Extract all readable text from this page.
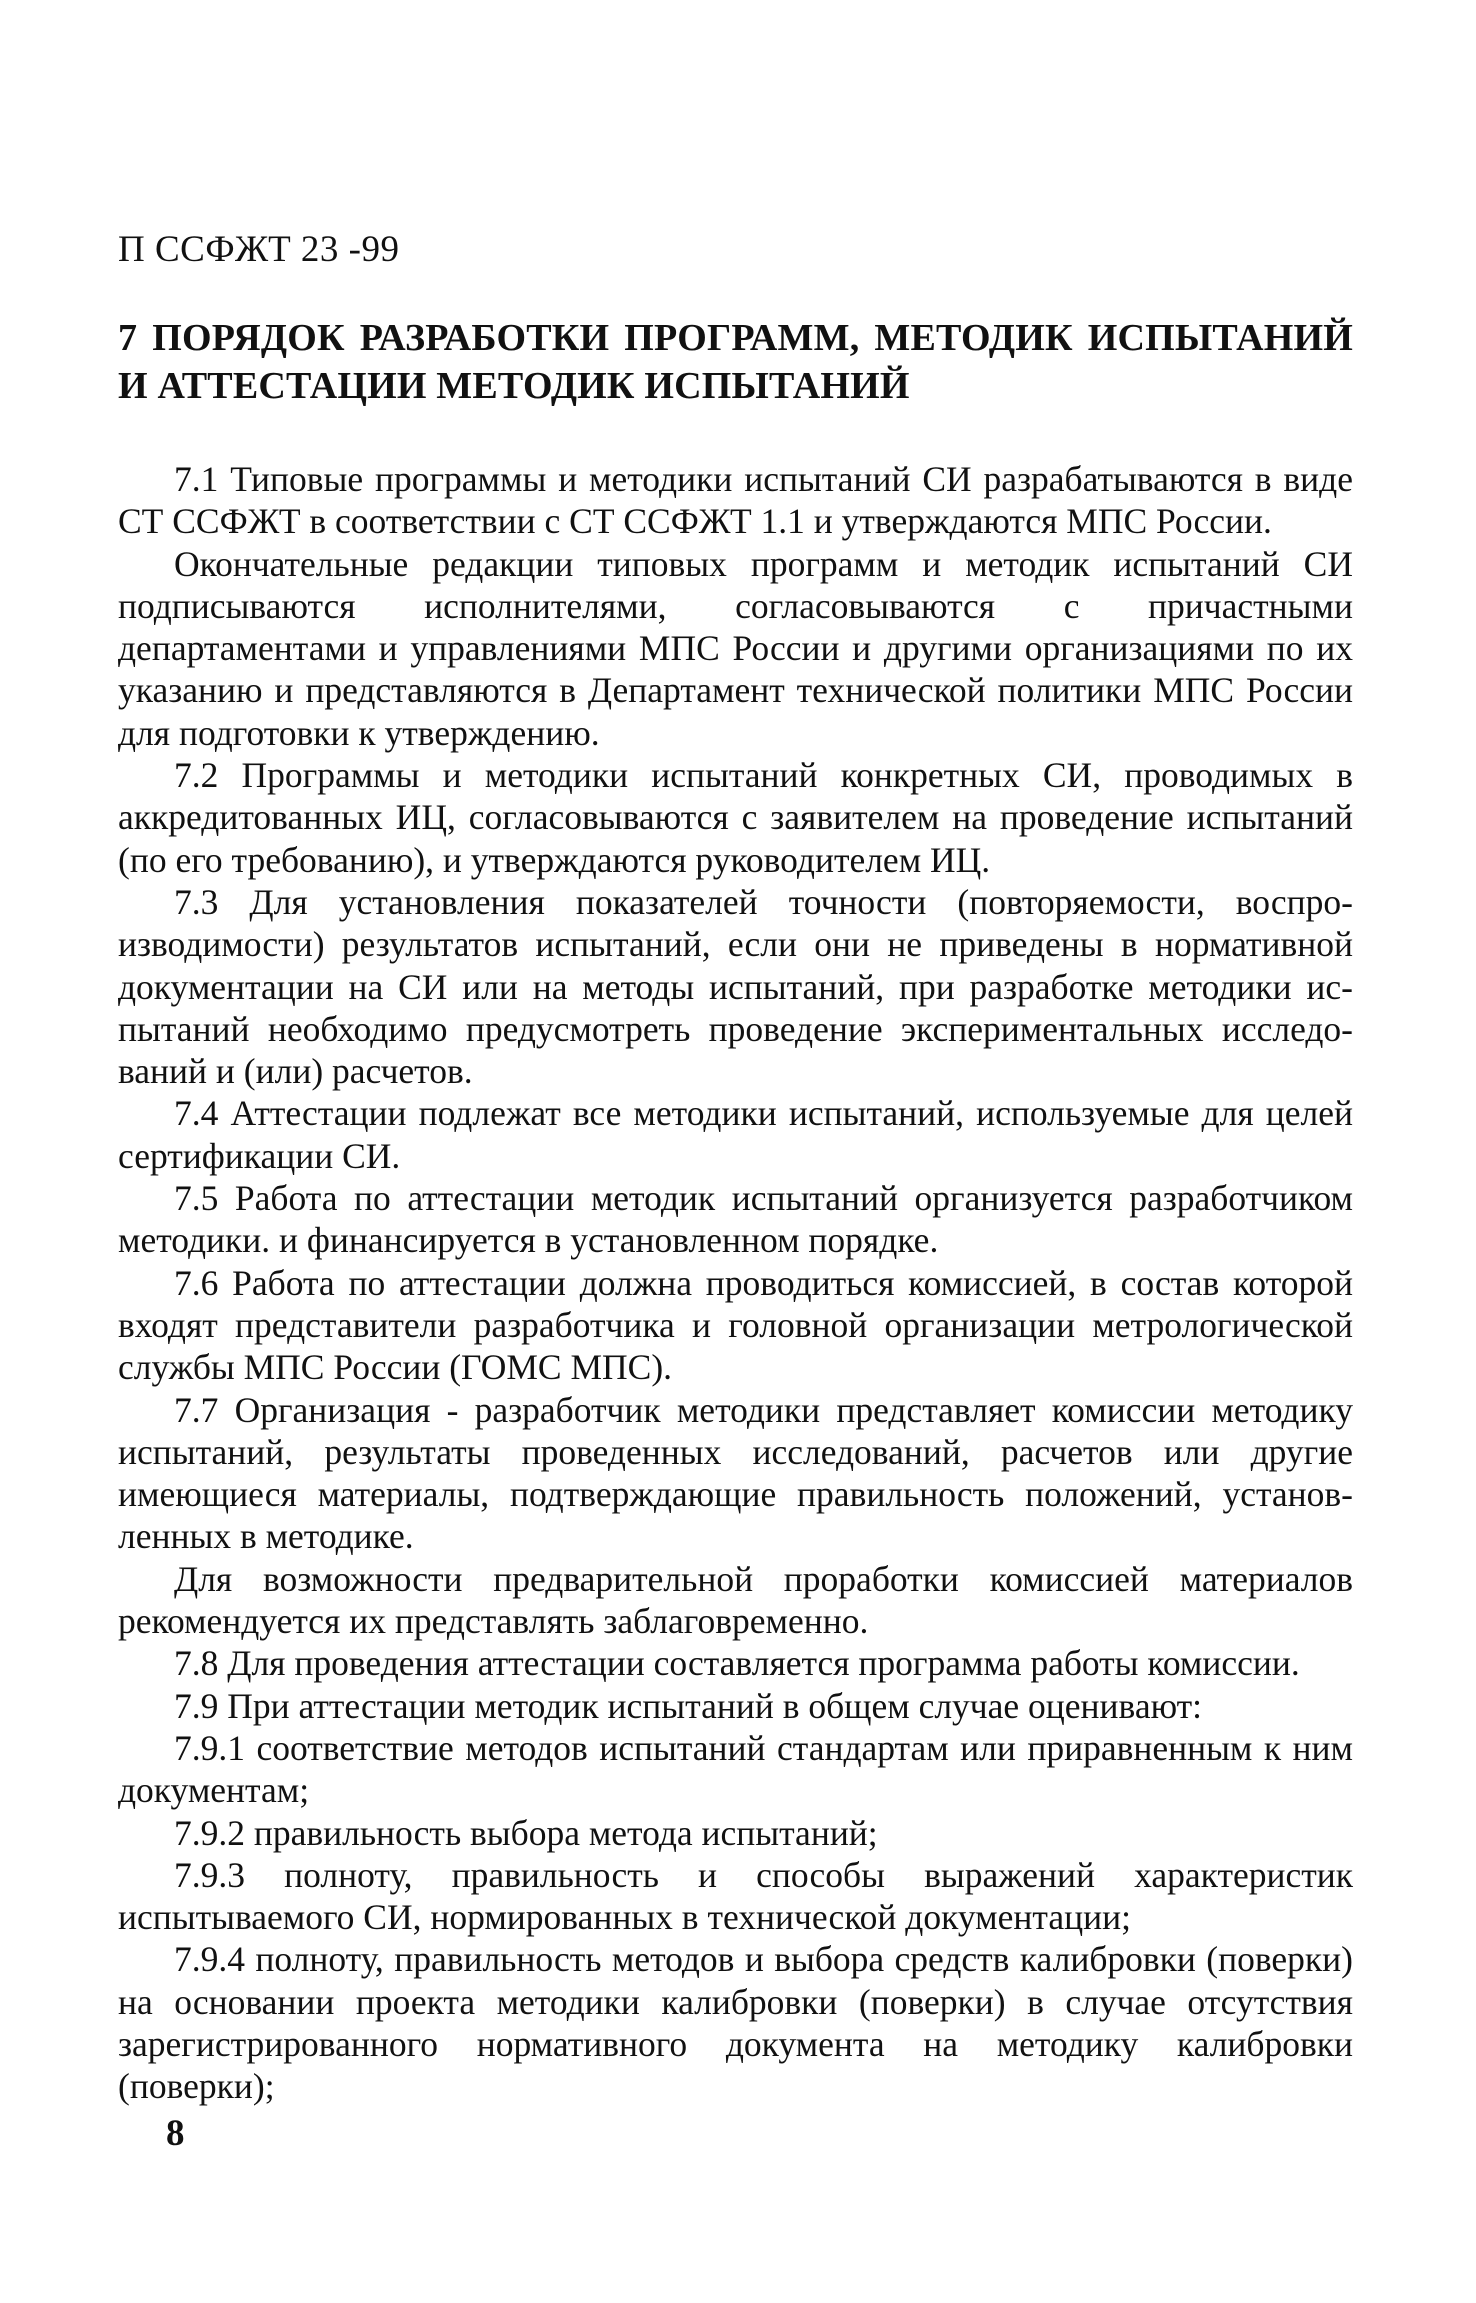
П ССФЖТ 23 -99
7 ПОРЯДОК РАЗРАБОТКИ ПРОГРАММ, МЕТОДИК ИСПЫТАНИЙ И АТТЕСТАЦИИ МЕТОДИК ИСПЫТАНИЙ

7.1 Типовые программы и методики испытаний СИ разрабатываются в виде СТ ССФЖТ в соответствии с СТ ССФЖТ 1.1 и утверждаются МПС России.

Окончательные редакции типовых программ и методик испытаний СИ подписываются исполнителями, согласовываются с причастными департаментами и управлениями МПС России и другими организациями по их указанию и представляются в Департамент технической политики МПС России для подготовки к утверждению.

7.2 Программы и методики испытаний конкретных СИ, проводимых в аккредитованных ИЦ, согласовываются с заявителем на проведение испытаний (по его требованию), и утверждаются руководителем ИЦ.

7.3 Для установления показателей точности (повторяемости, воспроизводимости) результатов испытаний, если они не приведены в нормативной документации на СИ или на методы испытаний, при разработке методики испытаний необходимо предусмотреть проведение экспериментальных исследований и (или) расчетов.

7.4 Аттестации подлежат все методики испытаний, используемые для целей сертификации СИ.

7.5 Работа по аттестации методик испытаний организуется разработчиком методики. и финансируется в установленном порядке.

7.6 Работа по аттестации должна проводиться комиссией, в состав которой входят представители разработчика и головной организации метрологической службы МПС России (ГОМС МПС).

7.7 Организация - разработчик методики представляет комиссии методику испытаний, результаты проведенных исследований, расчетов или другие имеющиеся материалы, подтверждающие правильность положений, установленных в методике.

Для возможности предварительной проработки комиссией материалов рекомендуется их представлять заблаговременно.

7.8 Для проведения аттестации составляется программа работы комиссии.

7.9 При аттестации методик испытаний в общем случае оценивают:

7.9.1 соответствие методов испытаний стандартам или приравненным к ним документам;

7.9.2 правильность выбора метода испытаний;

7.9.3 полноту, правильность и способы выражений характеристик испытываемого СИ, нормированных в технической документации;

7.9.4 полноту, правильность методов и выбора средств калибровки (поверки) на основании проекта методики калибровки (поверки) в случае отсутствия зарегистрированного нормативного документа на методику калибровки (поверки);

8
